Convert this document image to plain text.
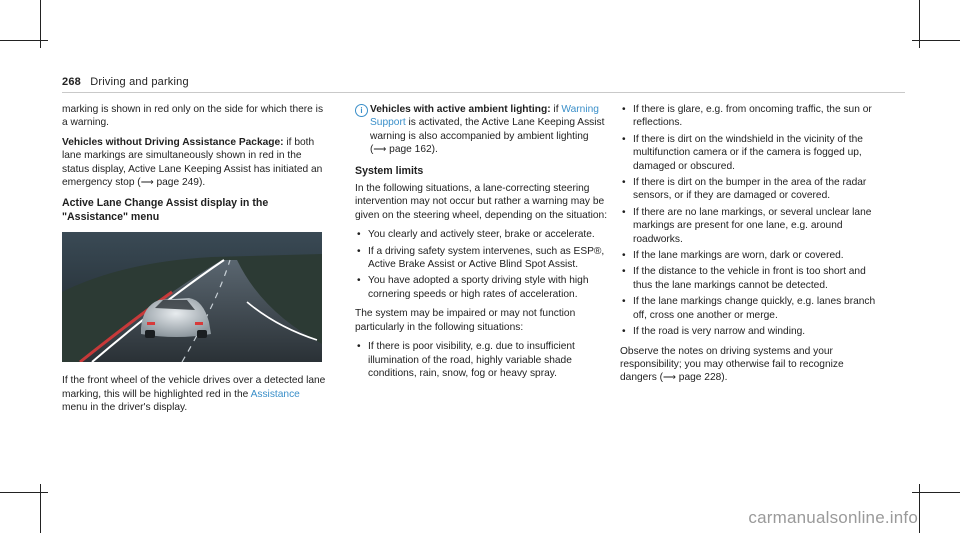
268 Driving and parking

marking is shown in red only on the side for which there is a warning.

Vehicles without Driving Assistance Package: if both lane markings are simultaneously shown in red in the status display, Active Lane Keeping Assist has initiated an emergency stop (⟶ page 249).

Active Lane Change Assist display in the "Assistance" menu

If the front wheel of the vehicle drives over a detected lane marking, this will be highlighted red in the Assistance menu in the driver's display.

i Vehicles with active ambient lighting: if Warning Support is activated, the Active Lane Keeping Assist warning is also accompanied by ambient lighting (⟶ page 162).

System limits

In the following situations, a lane-correcting steering intervention may not occur but rather a warning may be given on the steering wheel, depending on the situation:

• You clearly and actively steer, brake or accelerate.
• If a driving safety system intervenes, such as ESP®, Active Brake Assist or Active Blind Spot Assist.
• You have adopted a sporty driving style with high cornering speeds or high rates of acceleration.

The system may be impaired or may not function particularly in the following situations:

• If there is poor visibility, e.g. due to insufficient illumination of the road, highly variable shade conditions, rain, snow, fog or heavy spray.
• If there is glare, e.g. from oncoming traffic, the sun or reflections.
• If there is dirt on the windshield in the vicinity of the multifunction camera or if the camera is fogged up, damaged or obscured.
• If there is dirt on the bumper in the area of the radar sensors, or if they are damaged or covered.
• If there are no lane markings, or several unclear lane markings are present for one lane, e.g. around roadworks.
• If the lane markings are worn, dark or covered.
• If the distance to the vehicle in front is too short and thus the lane markings cannot be detected.
• If the lane markings change quickly, e.g. lanes branch off, cross one another or merge.
• If the road is very narrow and winding.

Observe the notes on driving systems and your responsibility; you may otherwise fail to recognize dangers (⟶ page 228).

carmanualsonline.info
